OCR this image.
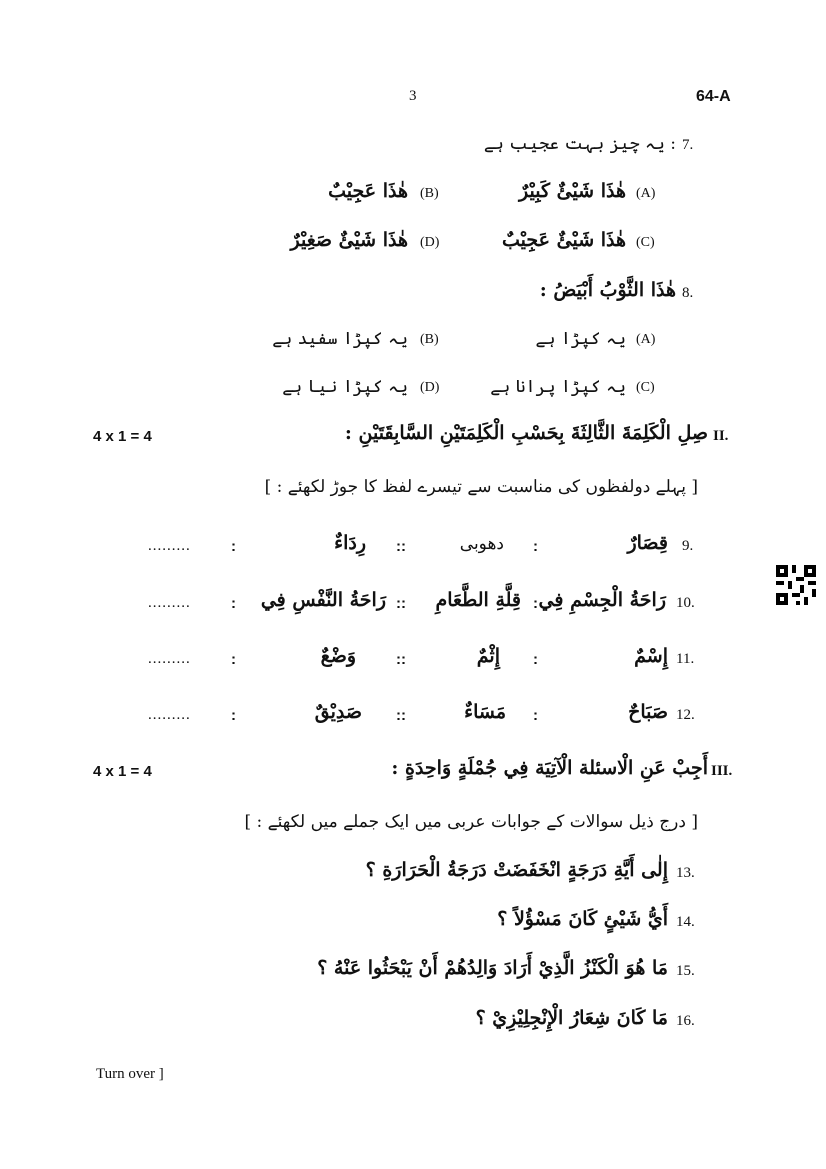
3	64-A
7.
: یہ چیز بہت عجیب ہے
(A)
هٰذَا شَيْئٌ كَبِيْرٌ
(B)
هٰذَا عَجِيْبٌ
(C)
هٰذَا شَيْئٌ عَجِيْبٌ
(D)
هٰذَا شَيْئٌ صَغِيْرٌ
8.
هٰذَا الثَّوْبُ أَبْيَضُ :
(A)
یہ کپڑا ہے
(B)
یہ کپڑا سفید ہے
(C)
یہ کپڑا پرانا ہے
(D)
یہ کپڑا نیا ہے
4 x 1 = 4	صِلِ الْكَلِمَةَ الثَّالِثَةَ بِحَسْبِ الْكَلِمَتَيْنِ السَّابِقَتَيْنِ : II.
[ پہلے دولفظوں کی مناسبت سے تیسرے لفظ کا جوڑ لکھئے : ]
9.
قِصَارٌ
:
دهوبی
::
رِدَاءٌ
:
.........
10.
رَاحَةُ الْجِسْمِ فِي
:
قِلَّةِ الطَّعَامِ
::
رَاحَةُ النَّفْسِ فِي
:
.........
11.
إِسْمٌ
:
إِثْمٌ
::
وَضْعٌ
:
.........
12.
صَبَاحٌ
:
مَسَاءٌ
::
صَدِيْقٌ
:
.........
4 x 1 = 4	أَجِبْ عَنِ الْاسئلة الْآتِيَة فِي جُمْلَةٍ وَاحِدَةٍ : III.
[ درج ذیل سوالات کے جوابات عربی میں ایک جملے میں لکھئے : ]
13.
إِلٰى أَيَّةِ دَرَجَةٍ انْخَفَضَتْ دَرَجَةُ الْحَرَارَةِ ؟
14.
أَيُّ شَيْئٍ كَانَ مَسْؤُلاً ؟
15.
مَا هُوَ الْكَنْزُ الَّذِيْ أَرَادَ وَالِدُهُمْ أَنْ يَبْحَثُوا عَنْهُ ؟
16.
مَا كَانَ شِعَارُ الْإِنْجِلِيْزِيْ ؟
Turn over ]
